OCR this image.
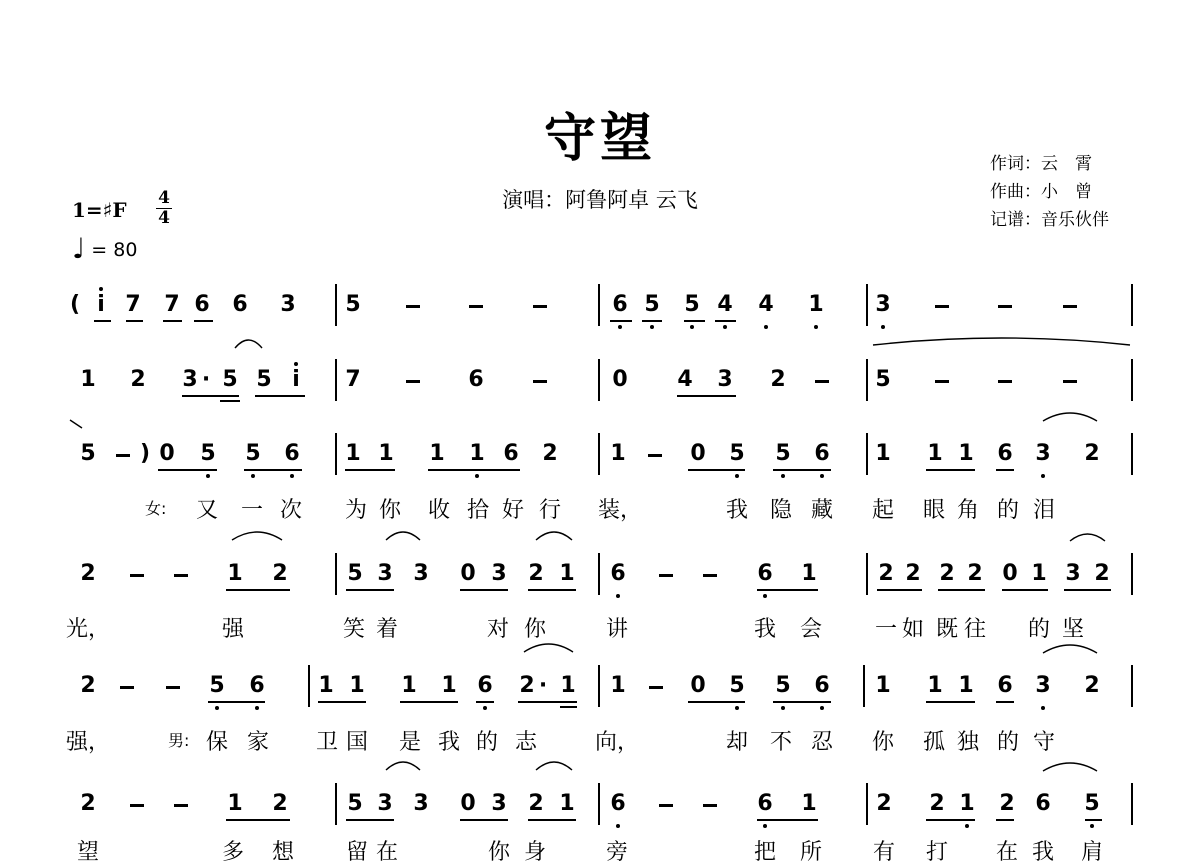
守望
演唱：阿鲁阿卓 云飞
作词：云　霄
作曲：小　曾
记谱：音乐伙伴
1=♯F 4
4
♩ = 80
( i 7 7 6 6 3 5	6 5 5 4 4 1 3
1 2 3 · 5 5 i 7	6	0 4 3 2	5
5 ) 0 5 5 6 1 1 1 1 6 2 1	0 5 5 6 1 1 1 6 3 2
女: 又 一 次 为 你 收 拾 好 行 装，	我 隐 藏 起 眼 角 的 泪
2	1 2	5 3 3 0 3 2 1 6	6 1	2 2 2 2 0 1 3 2
光，	强	笑 着	对 你	讲	我 会 一 如 既 往 的 坚
2	5 6 1 1 1 1 6 2 · 1 1	0 5 5 6 1 1 1 6 3 2
男:
强，	保 家 卫 国 是 我 的 志	向，	却 不 忍 你 孤 独 的 守
2	1 2	5 3 3 0 3 2 1 6	6 1	2 2 1 2 6 5
望	多 想 留 在	你 身	旁	把 所 有 打 在 我 肩
